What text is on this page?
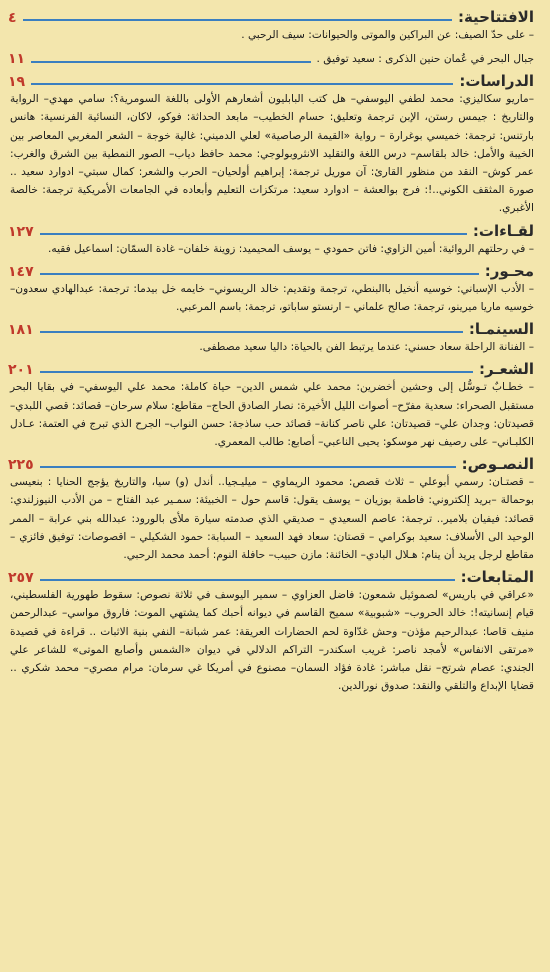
الافتتاحية:
٤

– على حدّ الصيف: عن البراكين والموتى والحيوانات: سيف الرحبي .

جبال البحر في عُمان حنين الذكرى : سعيد توفيق .
١١
الدراسات:
١٩

–ماريو سكاليزي: محمد لطفي اليوسفي– هل كتب البابليون أشعارهم الأولى باللغة السومرية؟: سامي مهدي– الرواية والتاريخ : جيمس رستن، الإبن ترجمة وتعليق: حسام الخطيب– مابعد الحداثة: فوكو، لاكان، النسائية الفرنسية: هانس بارتنس: ترجمة: خميسي بوغرارة – رواية «القيمة الرصاصية» لعلي الدميني: غالية خوجة – الشعر المغربي المعاصر بين الخيبة والأمل: خالد بلقاسم– درس اللغة والتقليد الانثروبولوجي: محمد حافظ دياب– الصور النمطية بين الشرق والغرب: عمر كوش– النقد من منظور القارئ: آن موريل ترجمة: إبراهيم أولحيان– الحرب والشعر: كمال سبتي– ادوارد سعيد .. صورة المثقف الكوني..!: فرج بوالعشة – ادوارد سعيد: مرتكزات التعليم وأبعاده في الجامعات الأمريكية ترجمة: خالصة الأغبري.

لقـاءات:
١٢٧

– في رحلتهم الروائية: أمين الزاوي: فاتن حمودي – يوسف المحيميد: زوينة خلفان– غادة السمّان: اسماعيل فقيه.

محـور:
١٤٧

– الأدب الإسباني: خوسيه أنخيل باالبنطي، ترجمة وتقديم: خالد الريسوني– خايمه خل بيدما: ترجمة: عبدالهادي سعدون– خوسيه ماريا ميرينو، ترجمة: صالح علماني – ارنستو ساباتو، ترجمة: باسم المرعبي.

السينمـا:
١٨١

– الفنانة الراحلة سعاد حسني: عندما يرتبط الفن بالحياة: داليا سعيد مصطفى.

الشعـر:
٢٠١

– خطـابٌ تـوسُّل إلى وحشين أخضرين: محمد علي شمس الدين– حياة كاملة: محمد علي اليوسفي– في بقايا البحر مستقبل الصحراء: سعدية مفرّح– أصوات الليل الأخيرة: نصار الصادق الحاج– مقاطع: سلام سرحان– قصائد: قصي اللبدي– قصيدتان: وجدان علي– قصيدتان: علي ناصر كنانة– قصائد حب ساذجة: حسن النواب– الجرح الذي تبرج في العتمة: عـادل الكلبـاني– على رصيف نهر موسكو: يحيى الناعبي– أصابع: طالب المعمري.

النصـوص:
٢٢٥

– قصتـان: رسمي أبوعلي – ثلاث قصص: محمود الريماوي – ميليـجيا.. أندل (و) سيا، والتاريخ يؤجج الحنايا : بنعيسى بوحمالة –بريد إلكتروني: فاطمة بوزيان – يوسف يقول: قاسم حول – الخبيئة: سمـير عبد الفتاح – من الأدب النيوزلندي: قصائد: فيفيان بلامير.. ترجمة: عاصم السعيدي – صديقي الذي صدمته سيارة ملأى بالورود: عبدالله بني عرابة – الممر الوحيد الى الأسلاف: سعيد بوكرامي – قصتان: سعاد فهد السعيد – السبابة: حمود الشكيلي – اقصوصات: توفيق فائزي – مقاطع لرجل يريد أن ينام: هـلال البادي– الخائنة: مازن حبيب– حافلة النوم: أحمد محمد الرحبي.

المتابعات:
٢٥٧

«عراقي في باريس» لصموئيل شمعون: فاضل العزاوي – سمير اليوسف في ثلاثة نصوص: سقوط طهورية الفلسطيني، قيام إنسانيته!: خالد الحروب– «شبوبية» سميح القاسم في ديوانه أحبك كما يشتهي الموت: فاروق مواسي– عبدالرحمن منيف قاصا: عبدالرحيم مؤذن– وحش غدّاوة لحم الحضارات العريقة: عمر شبانة– النفي بنية الاثبات .. قراءة في قصيدة «مرتقى الانفاس» لأمجد ناصر: غريب اسكندر– التراكم الدلالي في ديوان «الشمس وأصابع الموتى» للشاعر علي الجندي: عصام شرتح– نقل مباشر: غادة فؤاد السمان– مصنوع في أمريكا غي سرمان: مرام مصري– محمد شكري .. قضايا الإبداع والتلقي والنقد: صدوق نورالدين.
